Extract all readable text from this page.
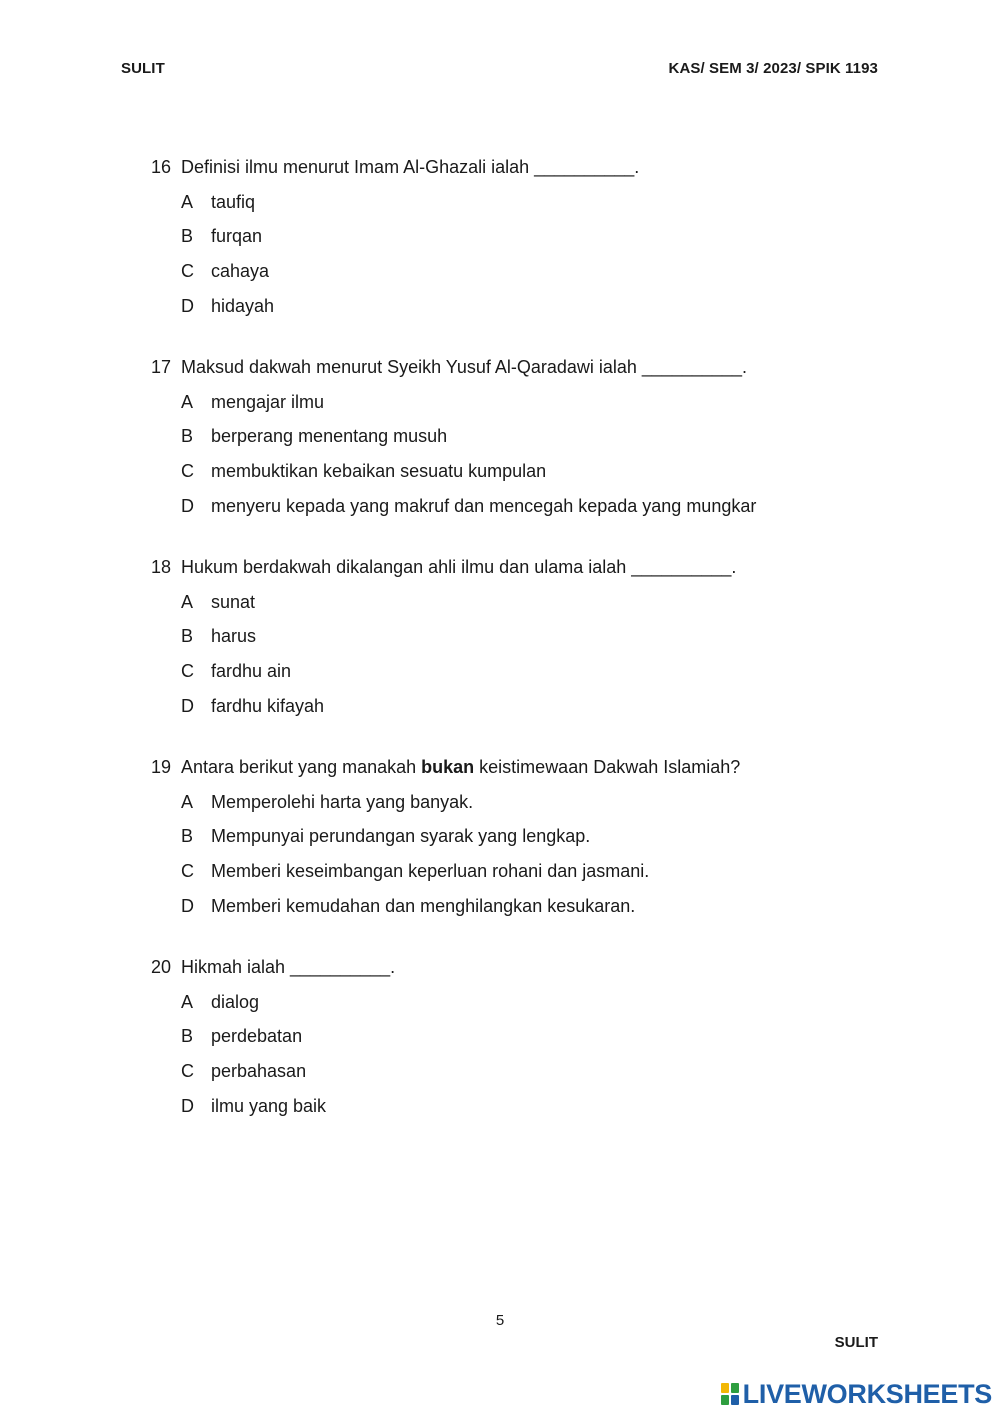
SULIT	KAS/ SEM 3/ 2023/ SPIK 1193
16 Definisi ilmu menurut Imam Al-Ghazali ialah __________.
A taufiq
B furqan
C cahaya
D hidayah
17 Maksud dakwah menurut Syeikh Yusuf Al-Qaradawi ialah __________.
A mengajar ilmu
B berperang menentang musuh
C membuktikan kebaikan sesuatu kumpulan
D menyeru kepada yang makruf dan mencegah kepada yang mungkar
18 Hukum berdakwah dikalangan ahli ilmu dan ulama ialah __________.
A sunat
B harus
C fardhu ain
D fardhu kifayah
19 Antara berikut yang manakah bukan keistimewaan Dakwah Islamiah?
A Memperolehi harta yang banyak.
B Mempunyai perundangan syarak yang lengkap.
C Memberi keseimbangan keperluan rohani dan jasmani.
D Memberi kemudahan dan menghilangkan kesukaran.
20 Hikmah ialah __________.
A dialog
B perdebatan
C perbahasan
D ilmu yang baik
5
SULIT
LIVEWORKSHEETS
